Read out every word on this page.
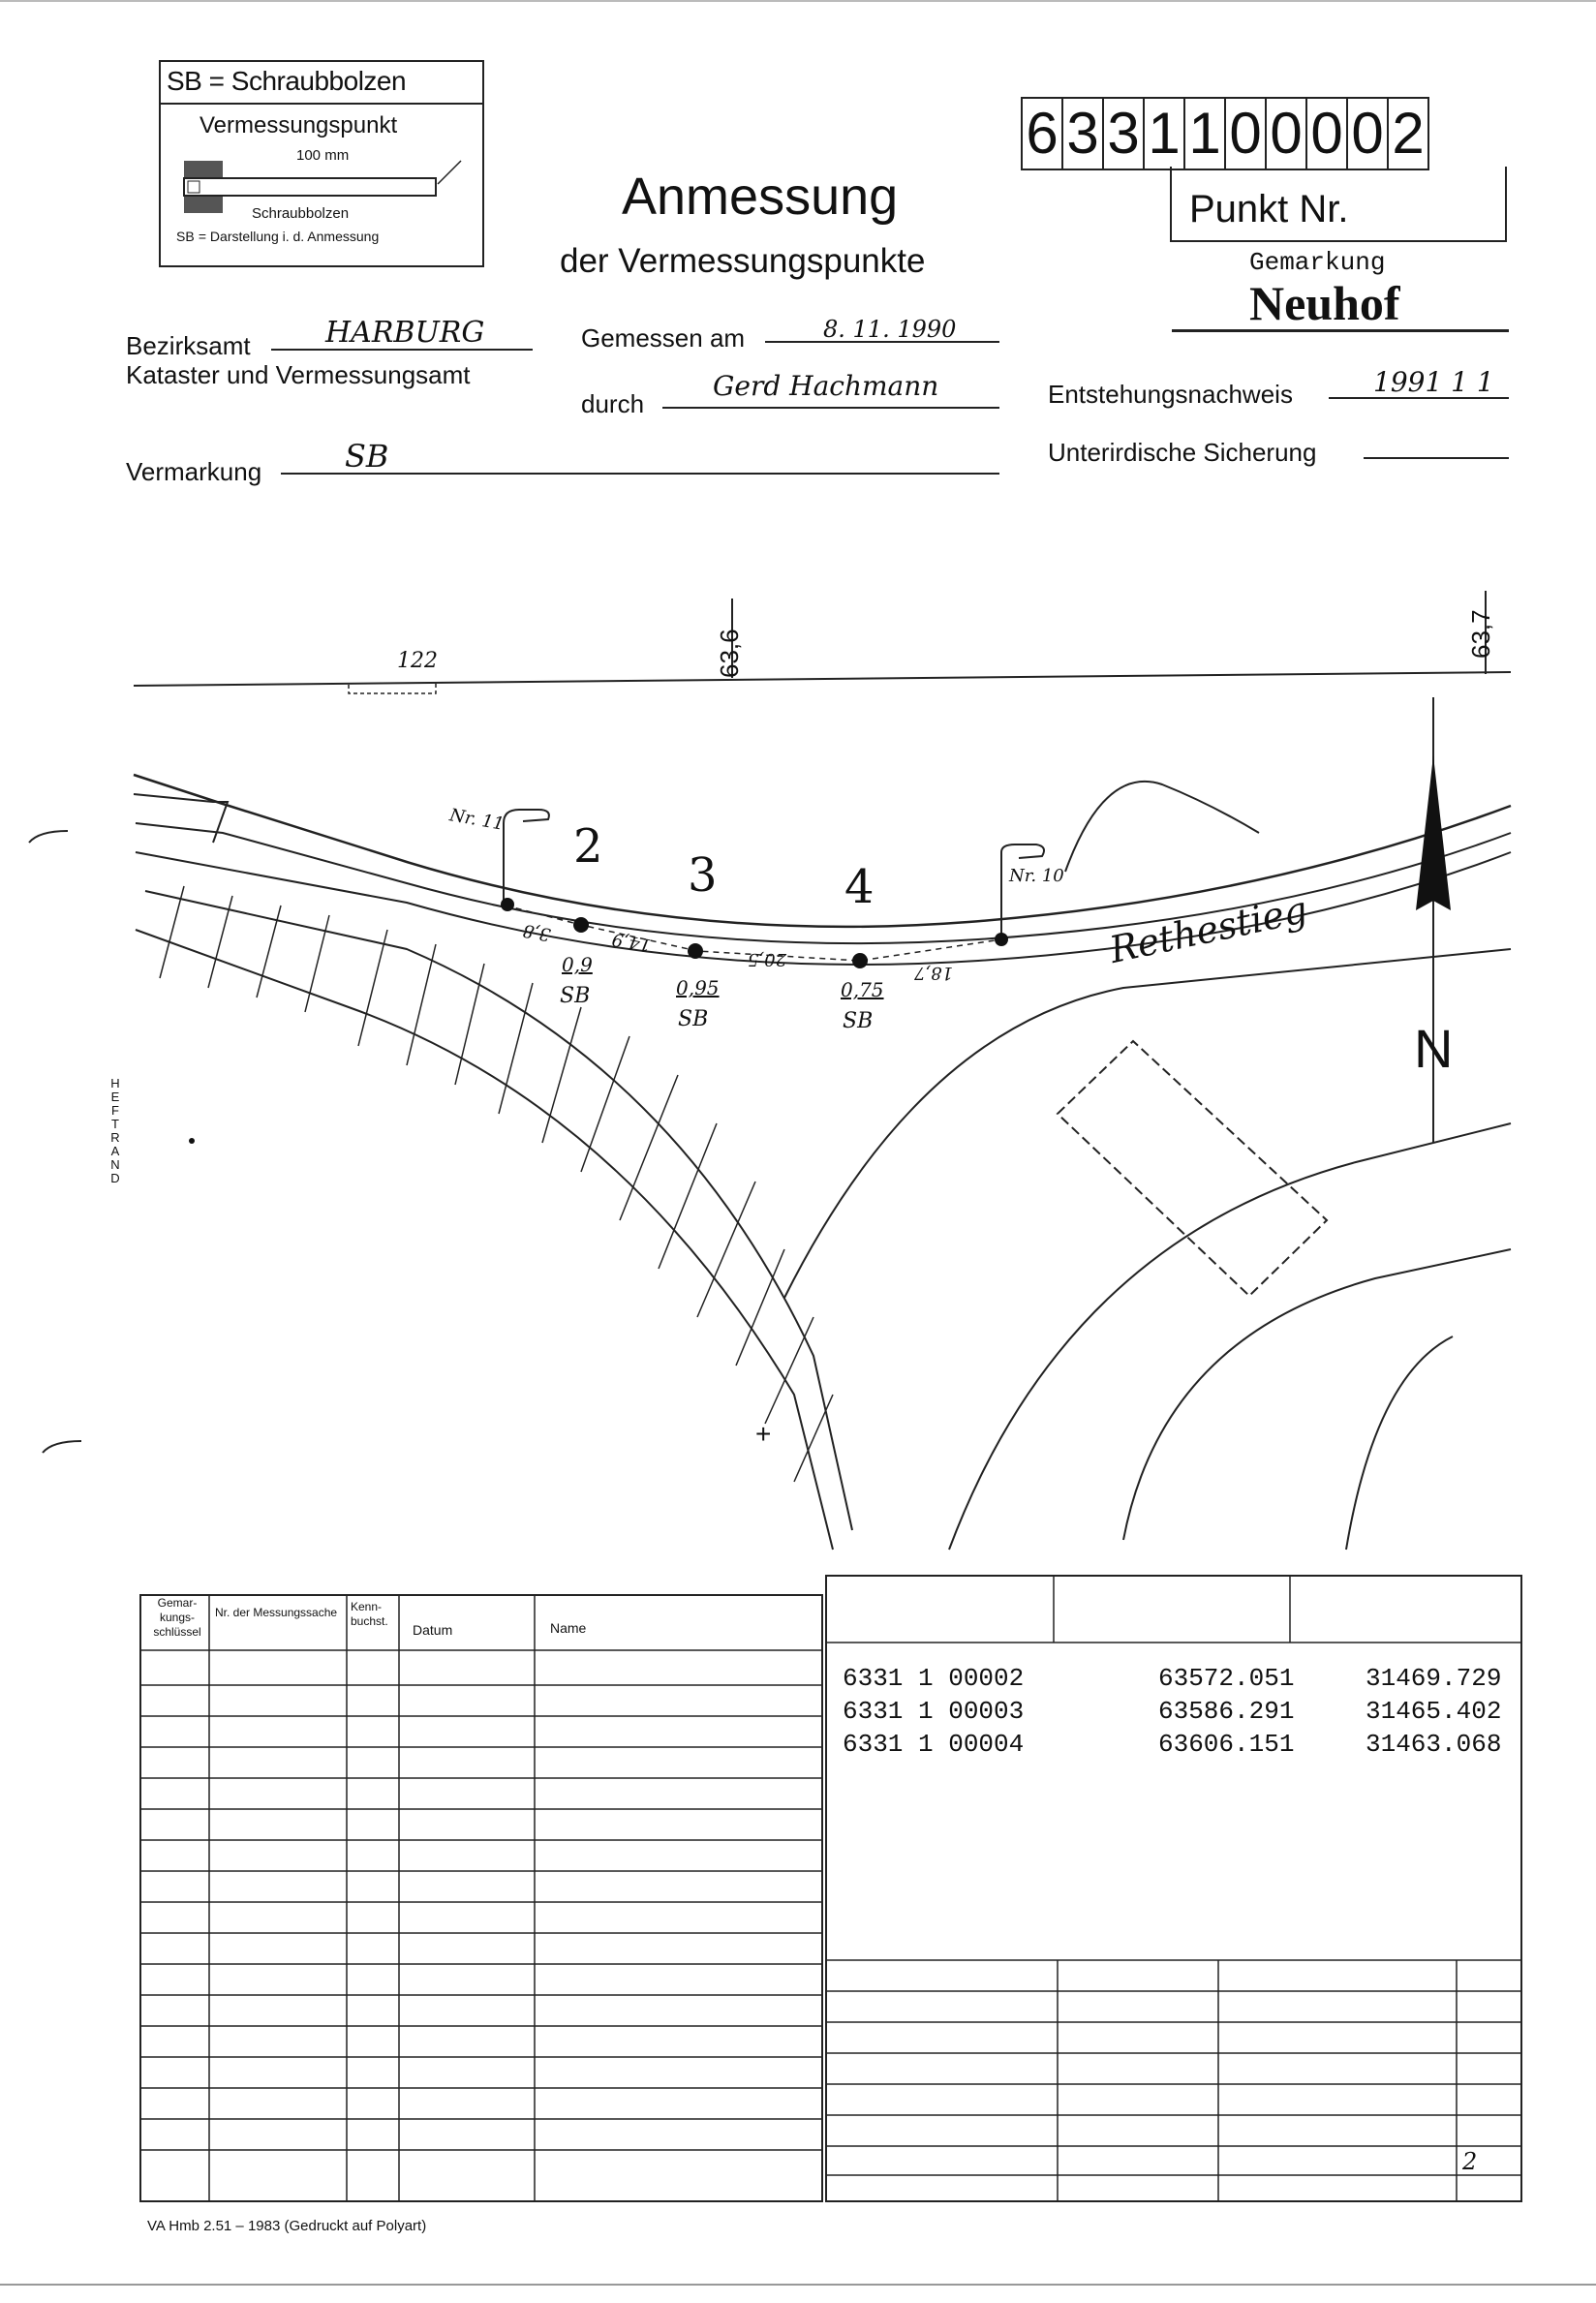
SB = Schraubbolzen
Vermessungspunkt
100 mm
Schraubbolzen
SB = Darstellung i. d. Anmessung
Anmessung
der Vermessungspunkte
6 3 3 1 1 0 0 0 0 2
Punkt Nr.
Gemarkung
Neuhof
Bezirksamt	HARBURG
Kataster und Vermessungsamt
Gemessen am	8. 11. 1990
durch
Gerd Hachmann	Entstehungsnachweis	1991 1 1
Unterirdische Sicherung
Vermarkung	SB
+
122	63,6	63,7
Nr. 11
Nr. 10
2
3	4
3,8	14,9
20,5
18,7
0,9
SB	0,95
SB
0,75
SB
Rethestieg
N
HEFTRAND
Gemar-kungs-schlüssel
Nr. der Messungssache	Kenn-buchst.
Datum	Name
6331 1 00002	63572.051	31469.729
6331 1 00003	63586.291	31465.402
6331 1 00004	63606.151	31463.068
2
VA Hmb 2.51 – 1983 (Gedruckt auf Polyart)
